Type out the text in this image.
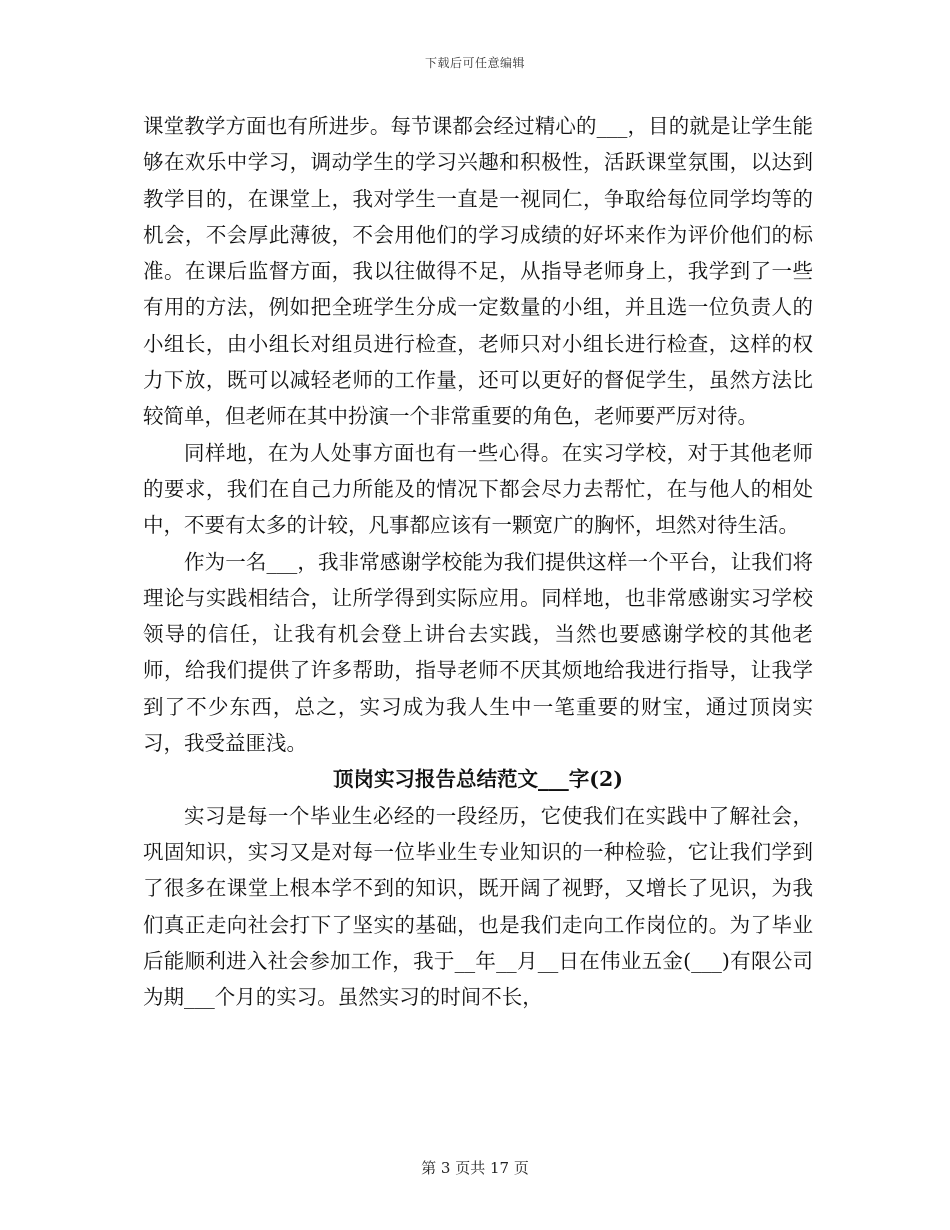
下载后可任意编辑

课堂教学方面也有所进步。每节课都会经过精心的___，目的就是让学生能够在欢乐中学习，调动学生的学习兴趣和积极性，活跃课堂氛围，以达到教学目的，在课堂上，我对学生一直是一视同仁，争取给每位同学均等的机会，不会厚此薄彼，不会用他们的学习成绩的好坏来作为评价他们的标准。在课后监督方面，我以往做得不足，从指导老师身上，我学到了一些有用的方法，例如把全班学生分成一定数量的小组，并且选一位负责人的小组长，由小组长对组员进行检查，老师只对小组长进行检查，这样的权力下放，既可以减轻老师的工作量，还可以更好的督促学生，虽然方法比较简单，但老师在其中扮演一个非常重要的角色，老师要严厉对待。

同样地，在为人处事方面也有一些心得。在实习学校，对于其他老师的要求，我们在自己力所能及的情况下都会尽力去帮忙，在与他人的相处中，不要有太多的计较，凡事都应该有一颗宽广的胸怀，坦然对待生活。

作为一名___，我非常感谢学校能为我们提供这样一个平台，让我们将理论与实践相结合，让所学得到实际应用。同样地，也非常感谢实习学校领导的信任，让我有机会登上讲台去实践，当然也要感谢学校的其他老师，给我们提供了许多帮助，指导老师不厌其烦地给我进行指导，让我学到了不少东西，总之，实习成为我人生中一笔重要的财宝，通过顶岗实习，我受益匪浅。

顶岗实习报告总结范文___字(2)

实习是每一个毕业生必经的一段经历，它使我们在实践中了解社会，巩固知识，实习又是对每一位毕业生专业知识的一种检验，它让我们学到了很多在课堂上根本学不到的知识，既开阔了视野，又增长了见识，为我们真正走向社会打下了坚实的基础，也是我们走向工作岗位的。为了毕业后能顺利进入社会参加工作，我于__年__月__日在伟业五金(___)有限公司为期___个月的实习。虽然实习的时间不长，

第 3 页共 17 页
